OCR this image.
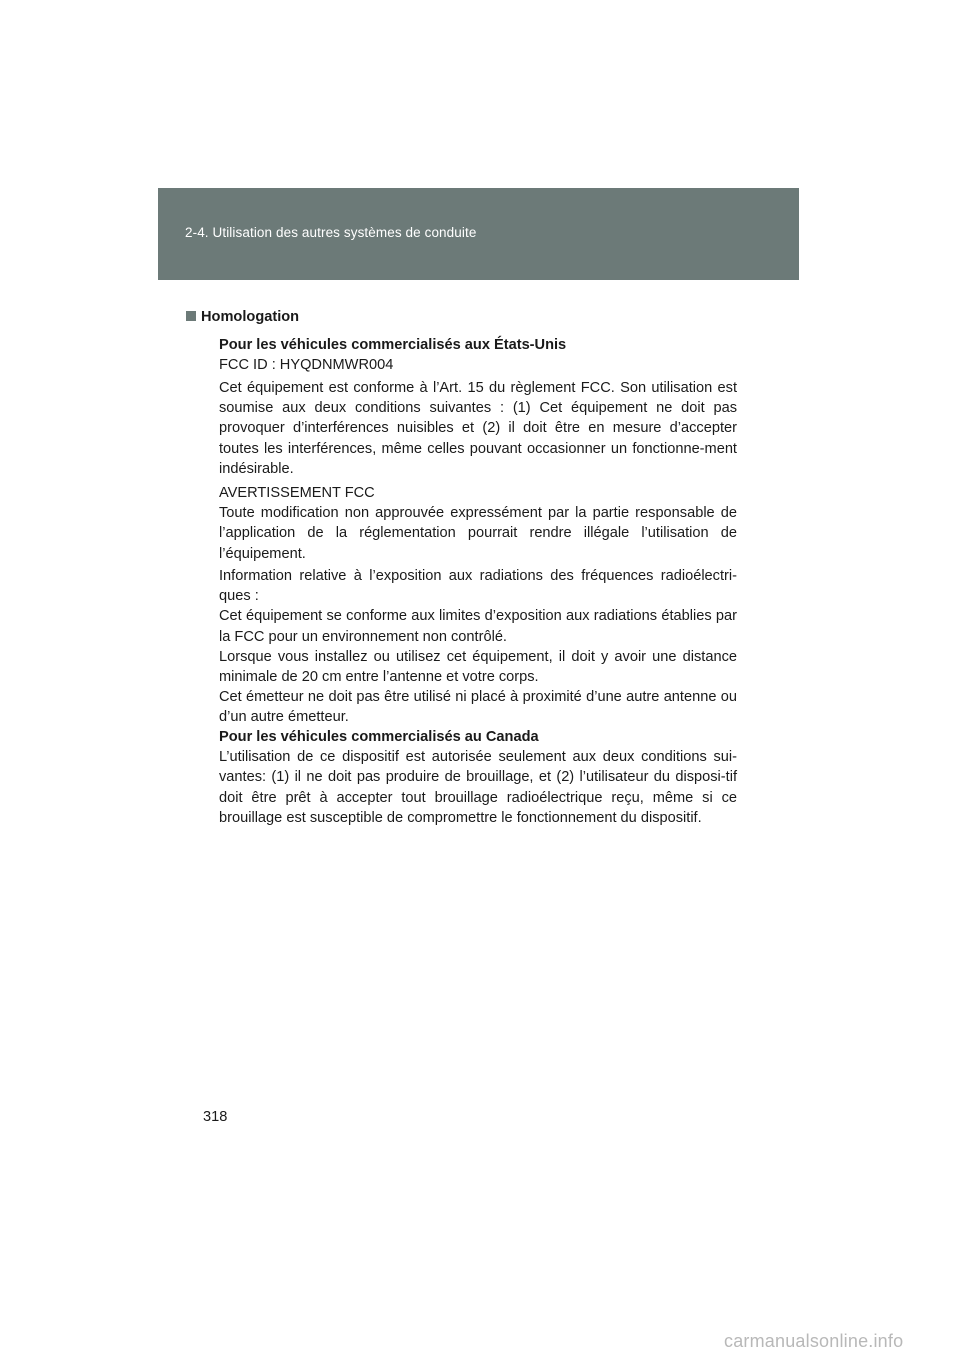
2-4. Utilisation des autres systèmes de conduite
Homologation
Pour les véhicules commercialisés aux États-Unis
FCC ID : HYQDNMWR004
Cet équipement est conforme à l’Art. 15 du règlement FCC. Son utilisation est soumise aux deux conditions suivantes : (1) Cet équipement ne doit pas provoquer d’interférences nuisibles et (2) il doit être en mesure d’accepter toutes les interférences, même celles pouvant occasionner un fonctionne-ment indésirable.
AVERTISSEMENT FCC
Toute modification non approuvée expressément par la partie responsable de l’application de la réglementation pourrait rendre illégale l’utilisation de l’équipement.
Information relative à l’exposition aux radiations des fréquences radioélectri-ques :
Cet équipement se conforme aux limites d’exposition aux radiations établies par la FCC pour un environnement non contrôlé.
Lorsque vous installez ou utilisez cet équipement, il doit y avoir une distance minimale de 20 cm entre l’antenne et votre corps.
Cet émetteur ne doit pas être utilisé ni placé à proximité d’une autre antenne ou d’un autre émetteur.
Pour les véhicules commercialisés au Canada
L’utilisation de ce dispositif est autorisée seulement aux deux conditions sui-vantes: (1) il ne doit pas produire de brouillage, et (2) l’utilisateur du disposi-tif doit être prêt à accepter tout brouillage radioélectrique reçu, même si ce brouillage est susceptible de compromettre le fonctionnement du dispositif.
318
carmanualsonline.info
